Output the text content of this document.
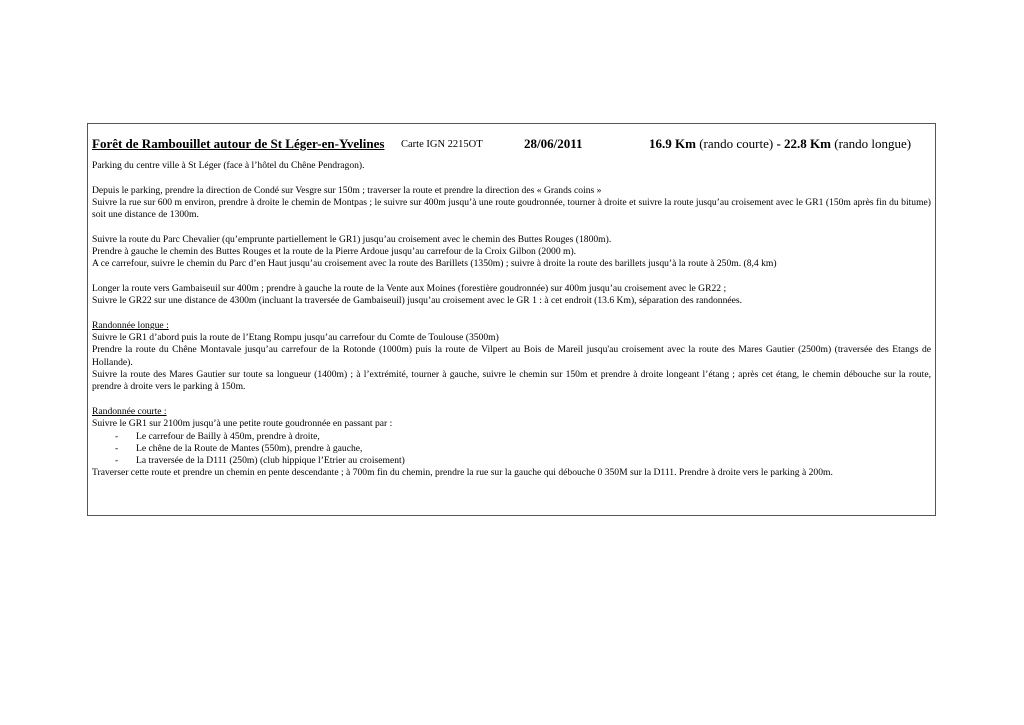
Forêt de Rambouillet autour de St Léger-en-Yvelines Carte IGN 2215OT	28/06/2011	16.9 Km (rando courte) - 22.8 Km (rando longue)

Parking du centre ville à St Léger (face à l’hôtel du Chêne Pendragon).

Depuis le parking, prendre la direction de Condé sur Vesgre sur 150m ; traverser la route et prendre la direction des « Grands coins »

Suivre la rue sur 600 m environ, prendre à droite le chemin de Montpas ; le suivre sur 400m jusqu’à une route goudronnée, tourner à droite et suivre la route jusqu’au croisement avec le GR1 (150m après fin du bitume) soit une distance de 1300m.

Suivre la route du Parc Chevalier (qu’emprunte partiellement le GR1) jusqu’au croisement avec le chemin des Buttes Rouges (1800m).

Prendre à gauche le chemin des Buttes Rouges et la route de la Pierre Ardoue jusqu’au carrefour de la Croix Gilbon (2000 m).

A ce carrefour, suivre le chemin du Parc d’en Haut jusqu’au croisement avec la route des Barillets (1350m) ; suivre à droite la route des barillets jusqu’à la route à 250m. (8,4 km)

Longer la route vers Gambaiseuil sur 400m ; prendre à gauche la route de la Vente aux Moines (forestière goudronnée) sur 400m jusqu’au croisement avec le GR22 ;

Suivre le GR22 sur une distance de 4300m (incluant la traversée de Gambaiseuil) jusqu’au croisement avec le GR 1 : à cet endroit (13.6 Km), séparation des randonnées.

Randonnée longue :

Suivre le GR1 d’abord puis la route de l’Etang Rompu jusqu’au carrefour du Comte de Toulouse (3500m)

Prendre la route du Chêne Montavale jusqu’au carrefour de la Rotonde (1000m) puis la route de Vilpert au Bois de Mareil jusqu'au croisement avec la route des Mares Gautier (2500m) (traversée des Etangs de Hollande).

Suivre la route des Mares Gautier sur toute sa longueur (1400m) ; à l’extrémité, tourner à gauche, suivre le chemin sur 150m et prendre à droite longeant l’étang ; après cet étang, le chemin débouche sur la route, prendre à droite vers le parking à 150m.

Randonnée courte :

Suivre le GR1 sur 2100m jusqu’à une petite route goudronnée en passant par :

- Le carrefour de Bailly à 450m, prendre à droite,
- Le chêne de la Route de Mantes (550m), prendre à gauche,
- La traversée de la D111 (250m) (club hippique l’Etrier au croisement)

Traverser cette route et prendre un chemin en pente descendante ; à 700m fin du chemin, prendre la rue sur la gauche qui débouche 0 350M sur la D111. Prendre à droite vers le parking à 200m.
